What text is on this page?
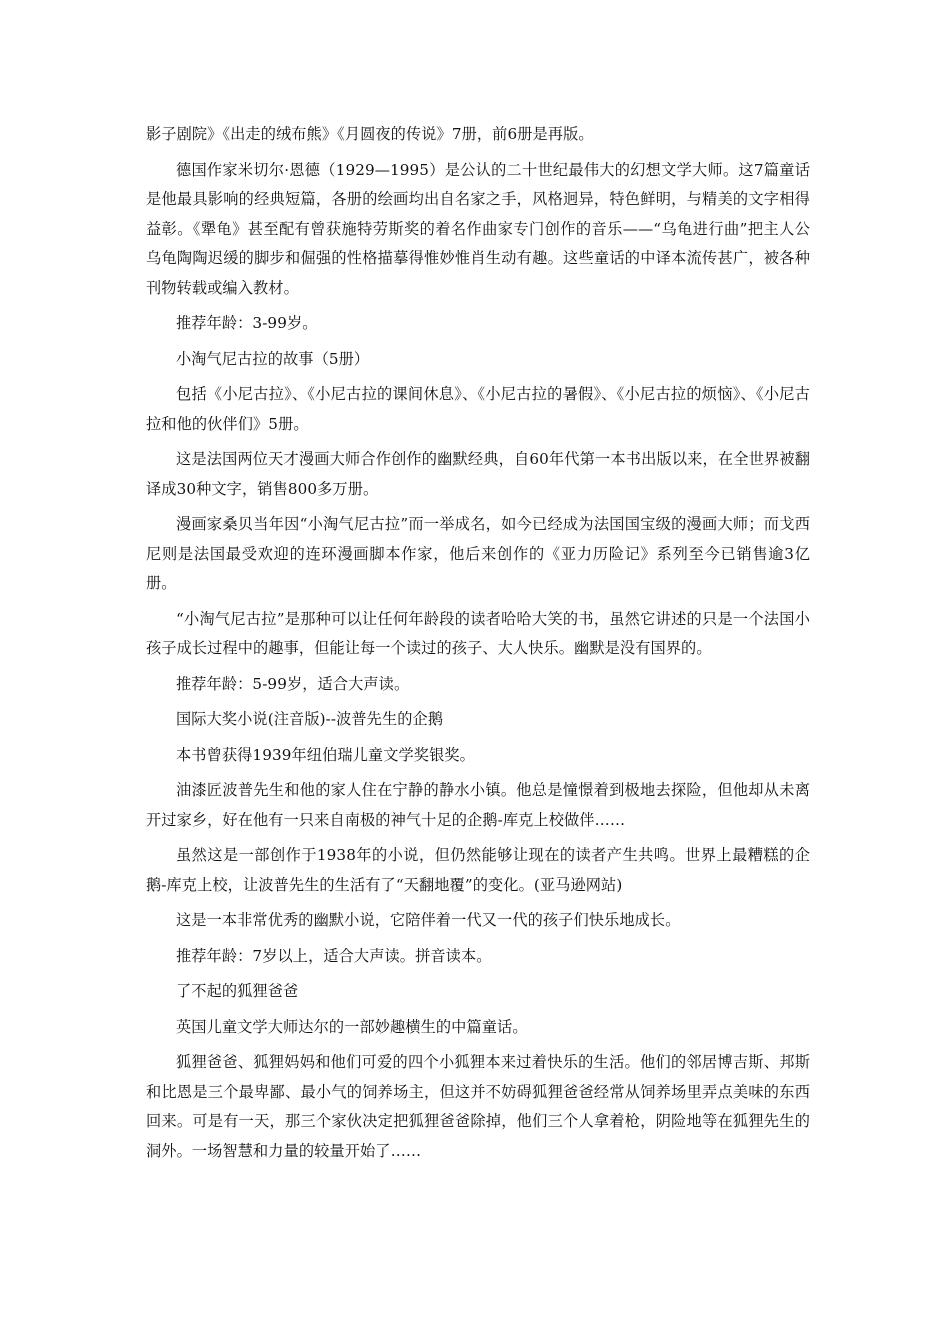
影子剧院》《出走的绒布熊》《月圆夜的传说》7册，前6册是再版。

德国作家米切尔·恩德（1929—1995）是公认的二十世纪最伟大的幻想文学大师。这7篇童话是他最具影响的经典短篇，各册的绘画均出自名家之手，风格迥异，特色鲜明，与精美的文字相得益彰。《犟龟》甚至配有曾获施特劳斯奖的着名作曲家专门创作的音乐——“乌龟进行曲”把主人公乌龟陶陶迟缓的脚步和倔强的性格描摹得惟妙惟肖生动有趣。这些童话的中译本流传甚广，被各种刊物转载或编入教材。

推荐年龄：3-99岁。

小淘气尼古拉的故事（5册）

包括《小尼古拉》、《小尼古拉的课间休息》、《小尼古拉的暑假》、《小尼古拉的烦恼》、《小尼古拉和他的伙伴们》5册。

这是法国两位天才漫画大师合作创作的幽默经典，自60年代第一本书出版以来，在全世界被翻译成30种文字，销售800多万册。

漫画家桑贝当年因“小淘气尼古拉”而一举成名，如今已经成为法国国宝级的漫画大师；而戈西尼则是法国最受欢迎的连环漫画脚本作家，他后来创作的《亚力历险记》系列至今已销售逾3亿册。

“小淘气尼古拉”是那种可以让任何年龄段的读者哈哈大笑的书，虽然它讲述的只是一个法国小孩子成长过程中的趣事，但能让每一个读过的孩子、大人快乐。幽默是没有国界的。

推荐年龄：5-99岁，适合大声读。

国际大奖小说(注音版)--波普先生的企鹅

本书曾获得1939年纽伯瑞儿童文学奖银奖。

油漆匠波普先生和他的家人住在宁静的静水小镇。他总是憧憬着到极地去探险，但他却从未离开过家乡，好在他有一只来自南极的神气十足的企鹅-库克上校做伴……

虽然这是一部创作于1938年的小说，但仍然能够让现在的读者产生共鸣。世界上最糟糕的企鹅-库克上校，让波普先生的生活有了“天翻地覆”的变化。(亚马逊网站)

这是一本非常优秀的幽默小说，它陪伴着一代又一代的孩子们快乐地成长。

推荐年龄：7岁以上，适合大声读。拼音读本。

了不起的狐狸爸爸

英国儿童文学大师达尔的一部妙趣横生的中篇童话。

狐狸爸爸、狐狸妈妈和他们可爱的四个小狐狸本来过着快乐的生活。他们的邻居博吉斯、邦斯和比恩是三个最卑鄙、最小气的饲养场主，但这并不妨碍狐狸爸爸经常从饲养场里弄点美味的东西回来。可是有一天，那三个家伙决定把狐狸爸爸除掉，他们三个人拿着枪，阴险地等在狐狸先生的洞外。一场智慧和力量的较量开始了……
